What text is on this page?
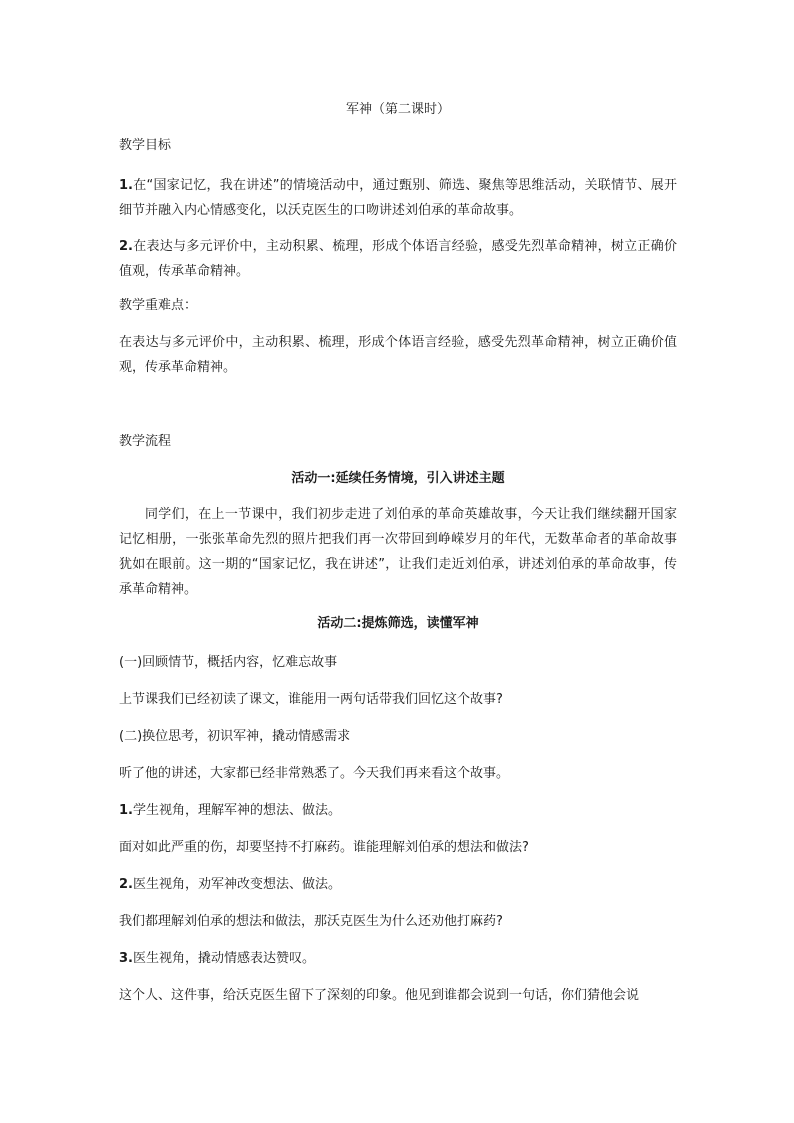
军神（第二课时）

教学目标

1.在“国家记忆，我在讲述”的情境活动中，通过甄别、筛选、聚焦等思维活动，关联情节、展开细节并融入内心情感变化，以沃克医生的口吻讲述刘伯承的革命故事。
2.在表达与多元评价中，主动积累、梳理，形成个体语言经验，感受先烈革命精神，树立正确价值观，传承革命精神。

教学重难点：

在表达与多元评价中，主动积累、梳理，形成个体语言经验，感受先烈革命精神，树立正确价值观，传承革命精神。

教学流程

活动一:延续任务情境，引入讲述主题

同学们，在上一节课中，我们初步走进了刘伯承的革命英雄故事，今天让我们继续翻开国家记忆相册，一张张革命先烈的照片把我们再一次带回到峥嵘岁月的年代，无数革命者的革命故事犹如在眼前。这一期的“国家记忆，我在讲述”，让我们走近刘伯承，讲述刘伯承的革命故事，传承革命精神。

活动二:提炼筛选，读懂军神

(一)回顾情节，概括内容，忆难忘故事

上节课我们已经初读了课文，谁能用一两句话带我们回忆这个故事?

(二)换位思考，初识军神，撬动情感需求

听了他的讲述，大家都已经非常熟悉了。今天我们再来看这个故事。

1.学生视角，理解军神的想法、做法。

面对如此严重的伤，却要坚持不打麻药。谁能理解刘伯承的想法和做法?

2.医生视角，劝军神改变想法、做法。

我们都理解刘伯承的想法和做法，那沃克医生为什么还劝他打麻药?

3.医生视角，撬动情感表达赞叹。

这个人、这件事，给沃克医生留下了深刻的印象。他见到谁都会说到一句话，你们猜他会说
